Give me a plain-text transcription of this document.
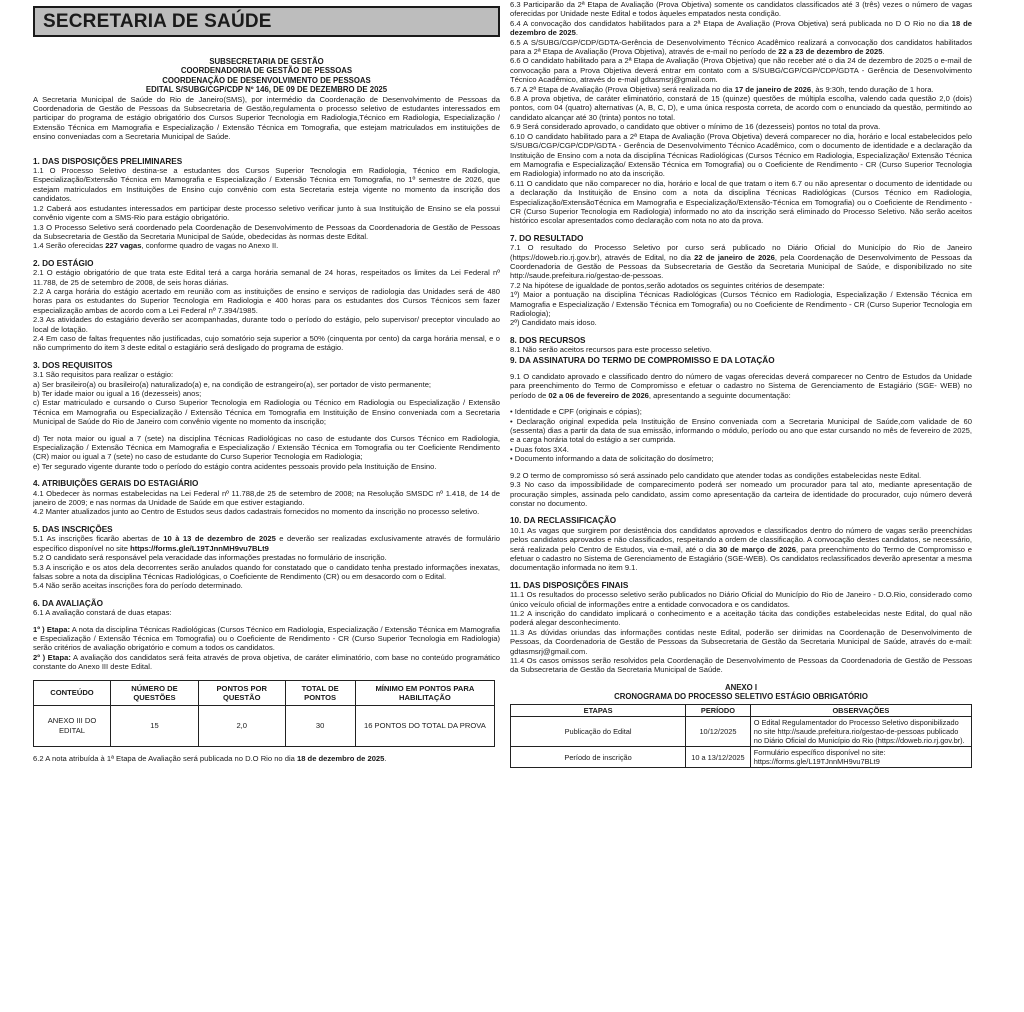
SECRETARIA DE SAÚDE
SUBSECRETARIA DE GESTÃO
COORDENADORIA DE GESTÃO DE PESSOAS
COORDENAÇÃO DE DESENVOLVIMENTO DE PESSOAS
EDITAL S/SUBG/CGP/CDP Nº 146, DE 09 DE DEZEMBRO DE 2025

A Secretaria Municipal de Saúde do Rio de Janeiro(SMS), por intermédio da Coordenação de Desenvolvimento de Pessoas da Coordenadoria de Gestão de Pessoas da Subsecretaria de Gestão,regulamenta o processo seletivo de estudantes interessados em participar do programa de estágio obrigatório dos Cursos Superior Tecnologia em Radiologia,Técnico em Radiologia, Especialização / Extensão Técnica em Mamografia e Especialização / Extensão Técnica em Tomografia, que estejam matriculados em instituições de ensino conveniadas com a Secretaria Municipal de Saúde.

1. DAS DISPOSIÇÕES PRELIMINARES

1.1 O Processo Seletivo destina-se a estudantes dos Cursos Superior Tecnologia em Radiologia, Técnico em Radiologia, Especialização/Extensão Técnica em Mamografia e Especialização / Extensão Técnica em Tomografia, no 1º semestre de 2026, que estejam matriculados em Instituições de Ensino cujo convênio com esta Secretaria esteja vigente no momento da inscrição dos candidatos.

1.2 Caberá aos estudantes interessados em participar deste processo seletivo verificar junto à sua Instituição de Ensino se ela possui convênio vigente com a SMS-Rio para estágio obrigatório.

1.3 O Processo Seletivo será coordenado pela Coordenação de Desenvolvimento de Pessoas da Coordenadoria de Gestão de Pessoas da Subsecretaria de Gestão da Secretaria Municipal de Saúde, obedecidas às normas deste Edital.

1.4 Serão oferecidas 227 vagas, conforme quadro de vagas no Anexo II.

2. DO ESTÁGIO

2.1 O estágio obrigatório de que trata este Edital terá a carga horária semanal de 24 horas, respeitados os limites da Lei Federal nº 11.788, de 25 de setembro de 2008, de seis horas diárias.

2.2 A carga horária do estágio acertado em reunião com as instituições de ensino e serviços de radiologia das Unidades será de 480 horas para os estudantes do Superior Tecnologia em Radiologia e 400 horas para os estudantes dos Cursos Técnicos sem fazer especialização ambas de acordo com a Lei Federal nº 7.394/1985.

2.3 As atividades do estagiário deverão ser acompanhadas, durante todo o período do estágio, pelo supervisor/ preceptor vinculado ao local de lotação.

2.4 Em caso de faltas frequentes não justificadas, cujo somatório seja superior a 50% (cinquenta por cento) da carga horária mensal, e o não cumprimento do item 3 deste edital o estagiário será desligado do programa de estágio.

3. DOS REQUISITOS

3.1 São requisitos para realizar o estágio:

a) Ser brasileiro(a) ou brasileiro(a) naturalizado(a) e, na condição de estrangeiro(a), ser portador de visto permanente;

b) Ter idade maior ou igual a 16 (dezesseis) anos;

c) Estar matriculado e cursando o Curso Superior Tecnologia em Radiologia ou Técnico em Radiologia ou Especialização / Extensão Técnica em Mamografia ou Especialização / Extensão Técnica em Tomografia em Instituição de Ensino conveniada com a Secretaria Municipal de Saúde do Rio de Janeiro com convênio vigente no momento da inscrição;

d) Ter nota maior ou igual a 7 (sete) na disciplina Técnicas Radiológicas no caso de estudante dos Cursos Técnico em Radiologia, Especialização / Extensão Técnica em Mamografia e Especialização / Extensão Técnica em Tomografia ou ter Coeficiente Rendimento (CR) maior ou igual a 7 (sete) no caso de estudante do Curso Superior Tecnologia em Radiologia;

e) Ter segurado vigente durante todo o período do estágio contra acidentes pessoais provido pela Instituição de Ensino.

4. ATRIBUIÇÕES GERAIS DO ESTAGIÁRIO

4.1 Obedecer às normas estabelecidas na Lei Federal nº 11.788,de 25 de setembro de 2008; na Resolução SMSDC nº 1.418, de 14 de janeiro de 2009; e nas normas da Unidade de Saúde em que estiver estagiando.

4.2 Manter atualizados junto ao Centro de Estudos seus dados cadastrais fornecidos no momento da inscrição no processo seletivo.

5. DAS INSCRIÇÕES

5.1 As inscrições ficarão abertas de 10 à 13 de dezembro de 2025 e deverão ser realizadas exclusivamente através de formulário específico disponível no site https://forms.gle/L19TJnnMH9vu7BLt9

5.2 O candidato será responsável pela veracidade das informações prestadas no formulário de inscrição.

5.3 A inscrição e os atos dela decorrentes serão anulados quando for constatado que o candidato tenha prestado informações inexatas, falsas sobre a nota da disciplina Técnicas Radiológicas, o Coeficiente de Rendimento (CR) ou em desacordo com o Edital.

5.4 Não serão aceitas inscrições fora do período determinado.

6. DA AVALIAÇÃO

6.1 A avaliação constará de duas etapas:

1º ) Etapa: A nota da disciplina Técnicas Radiológicas (Cursos Técnico em Radiologia, Especialização / Extensão Técnica em Mamografia e Especialização / Extensão Técnica em Tomografia) ou o Coeficiente de Rendimento - CR (Curso Superior Tecnologia em Radiologia) serão critérios de avaliação obrigatório e comum a todos os candidatos.

2º ) Etapa: A avaliação dos candidatos será feita através de prova objetiva, de caráter eliminatório, com base no conteúdo programático constante do Anexo III deste Edital.

CONTEÚDO	NÚMERO DE QUESTÕES	PONTOS POR QUESTÃO	TOTAL DE PONTOS	MÍNIMO EM PONTOS PARA HABILITAÇÃO
ANEXO III DO EDITAL	15	2,0	30	16 PONTOS DO TOTAL DA PROVA

6.2 A nota atribuída à 1ª Etapa de Avaliação será publicada no D.O Rio no dia 18 de dezembro de 2025.

6.3 Participarão da 2ª Etapa de Avaliação (Prova Objetiva) somente os candidatos classificados até 3 (três) vezes o número de vagas oferecidas por Unidade neste Edital e todos àqueles empatados nesta condição.

6.4 A convocação dos candidatos habilitados para a 2ª Etapa de Avaliação (Prova Objetiva) será publicada no D O Rio no dia 18 de dezembro de 2025.

6.5 A S/SUBG/CGP/CDP/GDTA-Gerência de Desenvolvimento Técnico Acadêmico realizará a convocação dos candidatos habilitados para a 2ª Etapa de Avaliação (Prova Objetiva), através de e-mail no período de 22 a 23 de dezembro de 2025.

6.6 O candidato habilitado para a 2ª Etapa de Avaliação (Prova Objetiva) que não receber até o dia 24 de dezembro de 2025 o e-mail de convocação para a Prova Objetiva deverá entrar em contato com a S/SUBG/CGP/CGP/CDP/GDTA - Gerência de Desenvolvimento Técnico Acadêmico, através do e-mail gdtasmsrj@gmail.com.

6.7 A 2ª Etapa de Avaliação (Prova Objetiva) será realizada no dia 17 de janeiro de 2026, às 9:30h, tendo duração de 1 hora.

6.8 A prova objetiva, de caráter eliminatório, constará de 15 (quinze) questões de múltipla escolha, valendo cada questão 2,0 (dois) pontos, com 04 (quatro) alternativas (A, B, C, D), e uma única resposta correta, de acordo com o enunciado da questão, permitindo ao candidato alcançar até 30 (trinta) pontos no total.

6.9 Será considerado aprovado, o candidato que obtiver o mínimo de 16 (dezesseis) pontos no total da prova.

6.10 O candidato habilitado para a 2ª Etapa de Avaliação (Prova Objetiva) deverá comparecer no dia, horário e local estabelecidos pelo S/SUBG/CGP/CGP/CDP/GDTA - Gerência de Desenvolvimento Técnico Acadêmico, com o documento de identidade e a declaração da Instituição de Ensino com a nota da disciplina Técnicas Radiológicas (Cursos Técnico em Radiologia, Especialização/ Extensão Técnica em Mamografia e Especialização/ Extensão Técnica em Tomografia) ou o Coeficiente de Rendimento - CR (Curso Superior Tecnologia em Radiologia) informado no ato da inscrição.

6.11 O candidato que não comparecer no dia, horário e local de que tratam o item 6.7 ou não apresentar o documento de identidade ou a declaração da Instituição de Ensino com a nota da disciplina Técnicas Radiológicas (Cursos Técnico em Radiologia, Especialização/ExtensãoTécnica em Mamografia e Especialização/Extensão-Técnica em Tomografia) ou o Coeficiente de Rendimento - CR (Curso Superior Tecnologia em Radiologia) informado no ato da inscrição será eliminado do Processo Seletivo. Não serão aceitos histórico escolar apresentados como declaração com nota no ato da prova.

7. DO RESULTADO

7.1 O resultado do Processo Seletivo por curso será publicado no Diário Oficial do Município do Rio de Janeiro (https://doweb.rio.rj.gov.br), através de Edital, no dia 22 de janeiro de 2026, pela Coordenação de Desenvolvimento de Pessoas da Coordenadoria de Gestão de Pessoas da Subsecretaria de Gestão da Secretaria Municipal de Saúde, e disponibilizado no site http://saude.prefeitura.rio/gestao-de-pessoas.

7.2 Na hipótese de igualdade de pontos,serão adotados os seguintes critérios de desempate:

1º) Maior a pontuação na disciplina Técnicas Radiológicas (Cursos Técnico em Radiologia, Especialização / Extensão Técnica em Mamografia e Especialização / Extensão Técnica em Tomografia) ou no Coeficiente de Rendimento - CR (Curso Superior Tecnologia em Radiologia);

2º) Candidato mais idoso.

8. DOS RECURSOS

8.1 Não serão aceitos recursos para este processo seletivo.

9. DA ASSINATURA DO TERMO DE COMPROMISSO E DA LOTAÇÃO

9.1 O candidato aprovado e classificado dentro do número de vagas oferecidas deverá comparecer no Centro de Estudos da Unidade para preenchimento do Termo de Compromisso e efetuar o cadastro no Sistema de Gerenciamento de Estagiário (SGE- WEB) no período de 02 a 06 de fevereiro de 2026, apresentando a seguinte documentação:

• Identidade e CPF (originais e cópias);

• Declaração original expedida pela Instituição de Ensino conveniada com a Secretaria Municipal de Saúde,com validade de 60 (sessenta) dias a partir da data de sua emissão, informando o módulo, período ou ano que estar cursando no mês de fevereiro de 2025, e a carga horária total do estágio a ser cumprida.

• Duas fotos 3X4.

• Documento informando a data de solicitação do dosímetro;

9.2 O termo de compromisso só será assinado pelo candidato que atender todas as condições estabelecidas neste Edital.

9.3 No caso da impossibilidade de comparecimento poderá ser nomeado um procurador para tal ato, mediante apresentação de procuração simples, assinada pelo candidato, assim como apresentação da carteira de identidade do procurador, cujo número deverá constar no documento.

10. DA RECLASSIFICAÇÃO

10.1 As vagas que surgirem por desistência dos candidatos aprovados e classificados dentro do número de vagas serão preenchidas pelos candidatos aprovados e não classificados, respeitando a ordem de classificação. A convocação destes candidatos, se necessário, será realizada pelo Centro de Estudos, via e-mail, até o dia 30 de março de 2026, para preenchimento do Termo de Compromisso e efetuar o cadastro no Sistema de Gerenciamento de Estagiário (SGE-WEB). Os candidatos reclassificados deverão apresentar a mesma documentação informada no item 9.1.

11. DAS DISPOSIÇÕES FINAIS

11.1 Os resultados do processo seletivo serão publicados no Diário Oficial do Município do Rio de Janeiro - D.O.Rio, considerado como único veículo oficial de informações entre a entidade convocadora e os candidatos.

11.2 A inscrição do candidato implicará o conhecimento e a aceitação tácita das condições estabelecidas neste Edital, do qual não poderá alegar desconhecimento.

11.3 As dúvidas oriundas das informações contidas neste Edital, poderão ser dirimidas na Coordenação de Desenvolvimento de Pessoas, da Coordenadoria de Gestão de Pessoas da Subsecretaria de Gestão da Secretaria Municipal de Saúde, através do e-mail: gdtasmsrj@gmail.com.

11.4 Os casos omissos serão resolvidos pela Coordenação de Desenvolvimento de Pessoas da Coordenadoria de Gestão de Pessoas da Subsecretaria de Gestão da Secretaria Municipal de Saúde.

ANEXO I
CRONOGRAMA DO PROCESSO SELETIVO ESTÁGIO OBRIGATÓRIO
ETAPAS	PERÍODO	OBSERVAÇÕES
Publicação do Edital	10/12/2025	O Edital Regulamentador do Processo Seletivo disponibilizado no site http://saude.prefeitura.rio/gestao-de-pessoas publicado no Diário Oficial do Município do Rio (https://doweb.rio.rj.gov.br).
Período de inscrição	10 a 13/12/2025	Formulário específico disponível no site: https://forms.gle/L19TJnnMH9vu7BLt9
